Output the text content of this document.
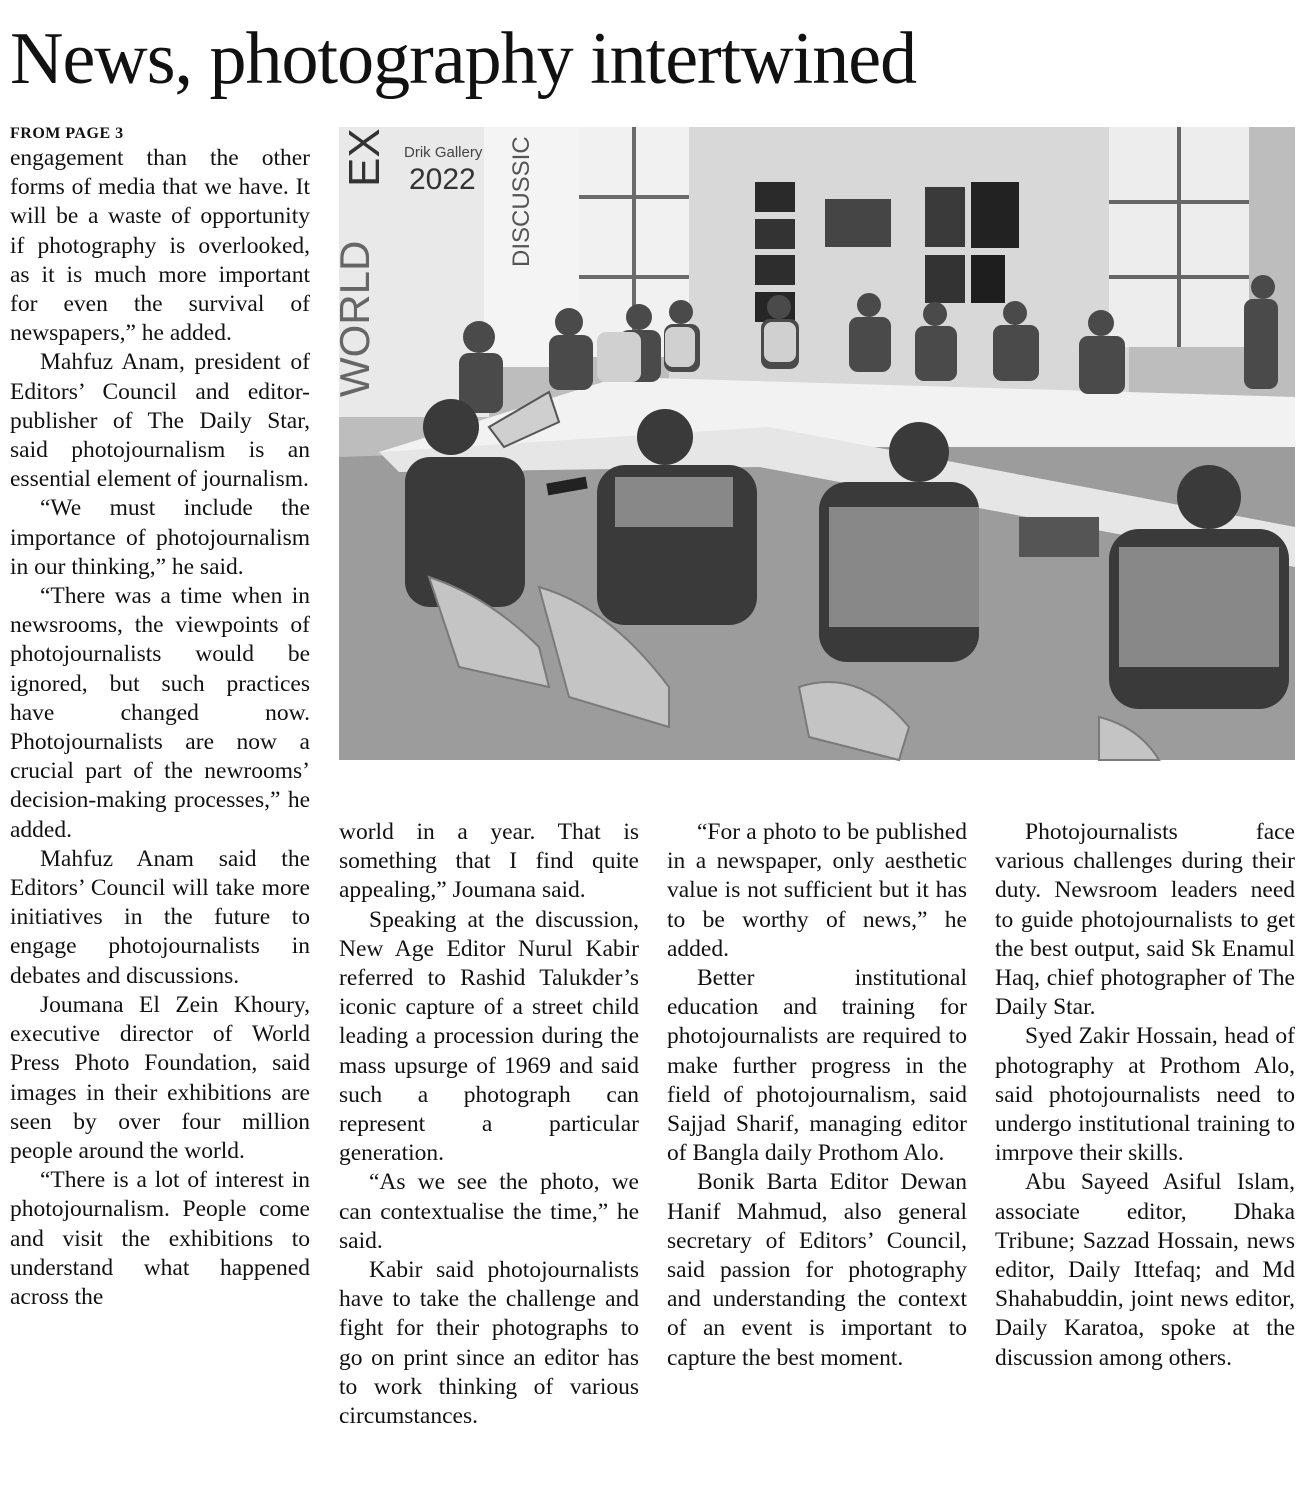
News, photography intertwined
FROM PAGE 3

engagement than the other forms of media that we have. It will be a waste of opportunity if photography is overlooked, as it is much more important for even the survival of newspapers,” he added.

Mahfuz Anam, president of Editors’ Council and editor-publisher of The Daily Star, said photojournalism is an essential element of journalism.

“We must include the importance of photojournalism in our thinking,” he said.

“There was a time when in newsrooms, the viewpoints of photojournalists would be ignored, but such practices have changed now. Photojournalists are now a crucial part of the newrooms’ decision-making processes,” he added.

Mahfuz Anam said the Editors’ Council will take more initiatives in the future to engage photojournalists in debates and discussions.

Joumana El Zein Khoury, executive director of World Press Photo Foundation, said images in their exhibitions are seen by over four million people around the world.

“There is a lot of interest in photojournalism. People come and visit the exhibitions to understand what happened across the

Drik Gallery
2022
EX	DISCUSSIC
WORLD

world in a year. That is something that I find quite appealing,” Joumana said.

Speaking at the discussion, New Age Editor Nurul Kabir referred to Rashid Talukder’s iconic capture of a street child leading a procession during the mass upsurge of 1969 and said such a photograph can represent a particular generation.

“As we see the photo, we can contextualise the time,” he said.

Kabir said photojournalists have to take the challenge and fight for their photographs to go on print since an editor has to work thinking of various circumstances.

“For a photo to be published in a newspaper, only aesthetic value is not sufficient but it has to be worthy of news,” he added.

Better institutional education and training for photojournalists are required to make further progress in the field of photojournalism, said Sajjad Sharif, managing editor of Bangla daily Prothom Alo.

Bonik Barta Editor Dewan Hanif Mahmud, also general secretary of Editors’ Council, said passion for photography and understanding the context of an event is important to capture the best moment.

Photojournalists face various challenges during their duty. Newsroom leaders need to guide photojournalists to get the best output, said Sk Enamul Haq, chief photographer of The Daily Star.

Syed Zakir Hossain, head of photography at Prothom Alo, said photojournalists need to undergo institutional training to imrpove their skills.

Abu Sayeed Asiful Islam, associate editor, Dhaka Tribune; Sazzad Hossain, news editor, Daily Ittefaq; and Md Shahabuddin, joint news editor, Daily Karatoa, spoke at the discussion among others.
